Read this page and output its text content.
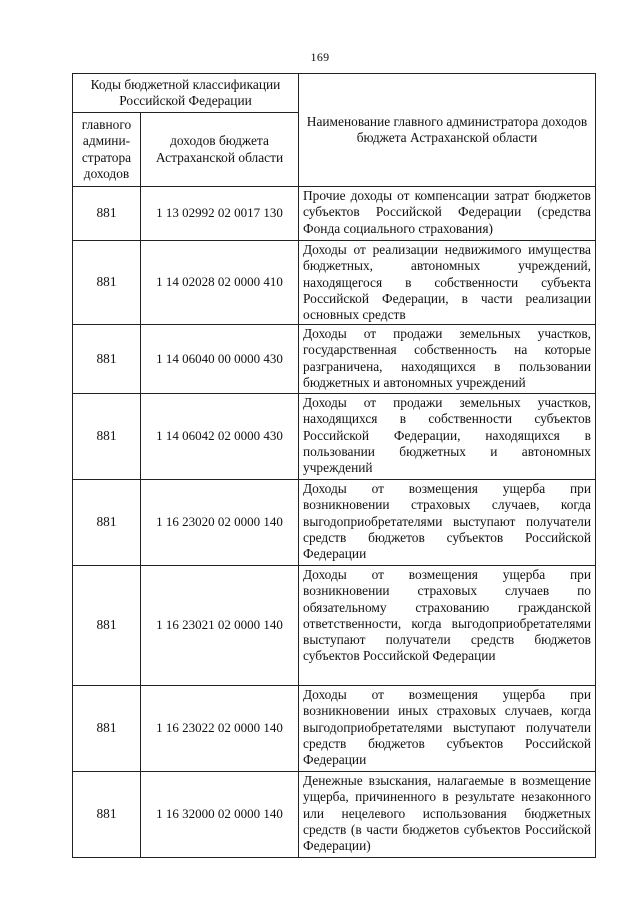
169
Коды бюджетной классификации Российской Федерации		Наименование главного администратора доходов бюджета Астраханской области
главного админи-стратора доходов	доходов бюджета Астраханской области	
881	1 13 02992 02 0017 130	Прочие доходы от компенсации затрат бюджетов субъектов Российской Федерации (средства Фонда социального страхования)
881	1 14 02028 02 0000 410	Доходы от реализации недвижимого имущества бюджетных, автономных учреждений, находящегося в собственности субъекта Российской Федерации, в части реализации основных средств
881	1 14 06040 00 0000 430	Доходы от продажи земельных участков, государственная собственность на которые разграничена, находящихся в пользовании бюджетных и автономных учреждений
881	1 14 06042 02 0000 430	Доходы от продажи земельных участков, находящихся в собственности субъектов Российской Федерации, находящихся в пользовании бюджетных и автономных учреждений
881	1 16 23020 02 0000 140	Доходы от возмещения ущерба при возникновении страховых случаев, когда выгодоприобретателями выступают получатели средств бюджетов субъектов Российской Федерации
881	1 16 23021 02 0000 140	Доходы от возмещения ущерба при возникновении страховых случаев по обязательному страхованию гражданской ответственности, когда выгодоприобретателями выступают получатели средств бюджетов субъектов Российской Федерации
881	1 16 23022 02 0000 140	Доходы от возмещения ущерба при возникновении иных страховых случаев, когда выгодоприобретателями выступают получатели средств бюджетов субъектов Российской Федерации
881	1 16 32000 02 0000 140	Денежные взыскания, налагаемые в возмещение ущерба, причиненного в результате незаконного или нецелевого использования бюджетных средств (в части бюджетов субъектов Российской Федерации)
